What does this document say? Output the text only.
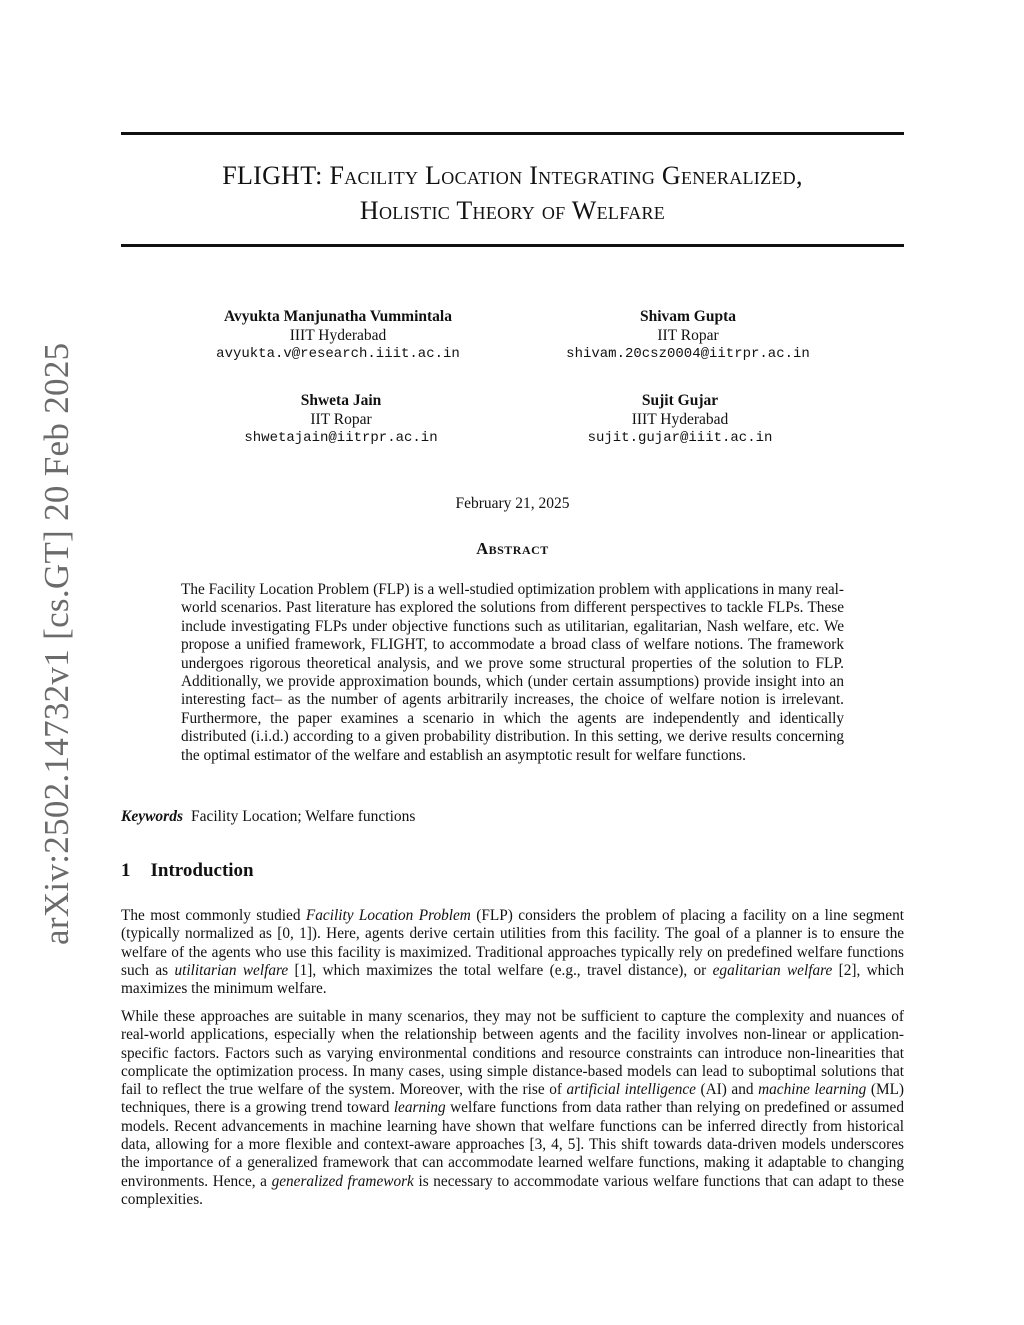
arXiv:2502.14732v1 [cs.GT] 20 Feb 2025
FLIGHT: Facility Location Integrating Generalized,
Holistic Theory of Welfare
Avyukta Manjunatha Vummintala
IIIT Hyderabad
avyukta.v@research.iiit.ac.in
Shivam Gupta
IIT Ropar
shivam.20csz0004@iitrpr.ac.in
Shweta Jain
IIT Ropar
shwetajain@iitrpr.ac.in
Sujit Gujar
IIIT Hyderabad
sujit.gujar@iiit.ac.in
February 21, 2025
Abstract
The Facility Location Problem (FLP) is a well-studied optimization problem with applications in many real-world scenarios. Past literature has explored the solutions from different perspectives to tackle FLPs. These include investigating FLPs under objective functions such as utilitarian, egalitarian, Nash welfare, etc. We propose a unified framework, FLIGHT, to accommodate a broad class of welfare notions. The framework undergoes rigorous theoretical analysis, and we prove some structural properties of the solution to FLP. Additionally, we provide approximation bounds, which (under certain assumptions) provide insight into an interesting fact– as the number of agents arbitrarily increases, the choice of welfare notion is irrelevant. Furthermore, the paper examines a scenario in which the agents are independently and identically distributed (i.i.d.) according to a given probability distribution. In this setting, we derive results concerning the optimal estimator of the welfare and establish an asymptotic result for welfare functions.
Keywords Facility Location; Welfare functions
1 Introduction
The most commonly studied Facility Location Problem (FLP) considers the problem of placing a facility on a line segment (typically normalized as [0, 1]). Here, agents derive certain utilities from this facility. The goal of a planner is to ensure the welfare of the agents who use this facility is maximized. Traditional approaches typically rely on predefined welfare functions such as utilitarian welfare [1], which maximizes the total welfare (e.g., travel distance), or egalitarian welfare [2], which maximizes the minimum welfare.
While these approaches are suitable in many scenarios, they may not be sufficient to capture the complexity and nuances of real-world applications, especially when the relationship between agents and the facility involves non-linear or application-specific factors. Factors such as varying environmental conditions and resource constraints can introduce non-linearities that complicate the optimization process. In many cases, using simple distance-based models can lead to suboptimal solutions that fail to reflect the true welfare of the system. Moreover, with the rise of artificial intelligence (AI) and machine learning (ML) techniques, there is a growing trend toward learning welfare functions from data rather than relying on predefined or assumed models. Recent advancements in machine learning have shown that welfare functions can be inferred directly from historical data, allowing for a more flexible and context-aware approaches [3, 4, 5]. This shift towards data-driven models underscores the importance of a generalized framework that can accommodate learned welfare functions, making it adaptable to changing environments. Hence, a generalized framework is necessary to accommodate various welfare functions that can adapt to these complexities.
